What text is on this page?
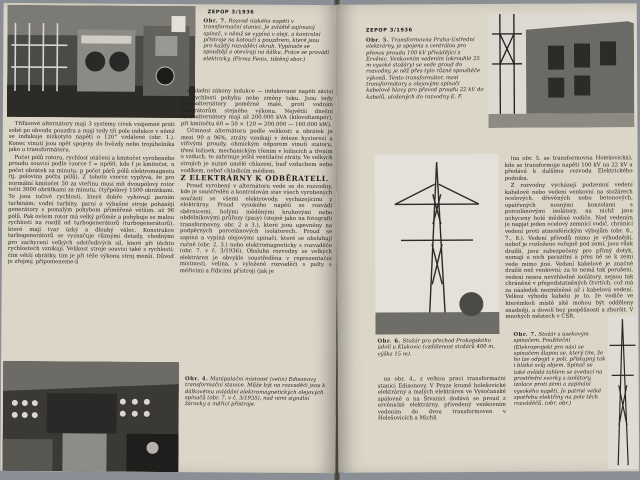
ZEPOP 3/1936
Obr. 7. Rozvod nízkého napětí v transformační stanici. Je zvláště zajímavý spínač, v němž se vypíná v oleji, a kontrolní přístroje na kotouči s pouzdrem, které jsou pro každý rozváděcí okruh. Vypínače se spouštějí a otevírají na dálku. Práce se provádí elektricky. (Firma Fenix, tištěný sbor.)

Třífázové alternátory mají 3 systémy cívek vzájemně proti sobě po obvodu pouzdra a mají tedy tři pole indukce v němž se indukuje nízkotyto napětí o 120° vzdálené (obr. 1.). Konec vinutí jsou opět spojeny do hvězdy nebo trojúhelníka jako u transformátoru.

Počet pólů rotoru, rychlost otáčení a kmitočet vyrobeného proudu souvisí podle vzorce f = np/60, kde f je kmitočet, n počet obrátek za minutu, p počet párů pólů elektromagnetu (tj. polovina počtu pólů). Z tohoto vzorce vyplývá, že pro normální kmitočet 50 za vteřinu musí mít dvoupólový rotor točit 3000 obrátkami za minutu, čtyřpólový 1500 obrátkami. To jsou točivé rychlosti, které dobře vyhovují parním turbínám; vodní turbíny, parní a výbušné stroje pohánějí generátory s pomalým pohybem přiměřeně větším, až 96 pólů. Pak ovšem rotor má velký průměr a pohybuje se malou rychlostí na rozdíl od turbogenerátorů (turbogenerátorů), které mají tvar úzký a dlouhý válec. Konstrukce turbogenerátorů se vyznačuje různými detaily, vhodnými pro zachycení velkých odstředivých sil, které při těchto rychlostech vznikají. Velikost stroje souvisí také s rychlostí; čím větší obrátky, tím je při téže výkonu stroj menší. Důvod je zřejmý, připomeneme-li

základní zákony indukce — indukované napětí závisí na rychlosti pohybu nebo změny toku. Jsou tedy turboalternátory poměrně malé, proti vodním generátorům stejného výkonu. Největší dnešní turboalternátory mají až 200.000 kVA (kilovoltampér), při kmitočtu 60 = 50 × 120 = 200.000 — 160.000 kW).

Účinnost alternátoru podle velikosti a obrátek je mezi 90 a 96%, ztráty vznikají v železe hysterezí a vířivými proudy, ohmickým odporem vinutí statoru, tření ložisek, mechanickým třením v ložiscích a třením o vzduch, to zahrnuje ještě ventilační ztráty. Ve velkých strojích je nutné umělé chlazení, buď vzduchem nebo vodíkem, neboť chladicím médiem.

Z ELEKTRÁRNY K ODBĚRATELI.

Proud vyrobený v alternátoru vede se do rozvodny, kde je soustředěn a kontrolován stav všech vyrobených součástí se všemi elektrovody, vycházejícími z elektrárny. Proud vysokého napětí se rozvádí sběrnicemi, holými měděnými kruhovými nebo obdélníkovými průřezy (pasy) (stejně jako na fotografii transformovny, obr. 2 a 3.), které jsou upevněny na podpěrných porcelánových isolátorech. Proud se zapíná a vypíná olejovými spínači, které se obsluhují ručně (obr. 2, 3.) nebo elektromagneticky s rozvaděče (obr. 7. v č. 3/1936). Obsluha rozvodny se velkých elektráren je obvykle soustředěna v reprezentační místnosti, velína, s vyloženě rozvaděči s pulty s měřicími a řídicími přístroji (jak je

Obr. 4. Manipulační místnost (velín) Edisonovy transformační stanice. Může být na rozvaděči jsou k dálkovému ovládání elektromagnetických olejových spínačů (obr. 7. v č. 3/1935), nad nimi signální žárovky a měřicí přístroje.
ZEPOP 3/1936
Obr. 5. Transformovna Praha-Ústřední elektrárny, je spojena s centrálou pro přenos proudu 100 kV přívádějící z Ervěnic. Venkovním vedením (okrouhlé 25 m vysoké stožáry) se vede proud do rozvodny, je něž přes tyto různé spouštěče výkonů. Tento transformátor, mezi transformátory a olejovými spínači kabelové hlavy pro převod proudu 22 kV do kabelů, uložených do rozvodny E. F.

(na obr. 5. se transformovna Holešovická), kde se transformuje napětí 100 kV na 22 kV a předává k dalšímu rozvodu Elektrického podniku.

Z rozvodny vycházejí podzemní vedení kabelové nebo vedení venkovní na stožárech ocelových, dřevěných nebo betonových, opatřených nosnými konzolami s porcelánovými isolátory, na nichž jsou uchyceny holé měděné vodiče. Nad vedením je napjat jeden ocelový zemnící vodič, chránící vedení proti atmosférickým výbojům (obr. 6., 7., 8.). Vedení přívodů mimo je výhodnější, neboť je rozloženo veřejně pod zemí, jsou však dražší, jsou zabezpečeny pro přímý dotyk, nemají u nich parazitní a přes ně se k zemi vede mimo jiné. Vedení kabelové je značně dražší než venkovní; za to nemá tak porušení, vedení nesou nevzhledné isolátory, nejsou tak chráněné v přepodstatněných čtvrtích, což má za následek nezměněné až i kabelová vedení. Velkou výhodu kabelu je to, že vodiče ve kterémkoli místě sítě mohou být odděleny snadněji, a dovolí bez pospěšnosti a zhoršit. V mnohých městech v ČSR.

Obr. 6. Stožár pro přechod Prokopského údolí u Klukovic (vzdálenost stožárů 400 m, výška 15 m).

na obr. 4., z velkou prací transformační stanici Edisonovy. V Praze kromě holešovické elektrárny a malých elektráren ve Vysočanské spalovně a na Štvanici dodává se proud z ervěnické elektrárny, přivedený venkovním vedením do dvou transformoven v Holešovicích a Michli

Obr. 7. Stožár s úsekovým spínačem. Použiteční (Elekroprojekt pro nás) se spínačem šlapou se, který tím, že ho lze odpojit v poli, přístupný tak i blízké svůj objem. Spínač se také ovládá tahlem se zvedací na prostřední svorky s izolátory, izolace proti zemi a zapínání vysokého napětí. Je patrné velké spotřebu elektřiny na pole těch rozváděčů. (obr. obr.)
